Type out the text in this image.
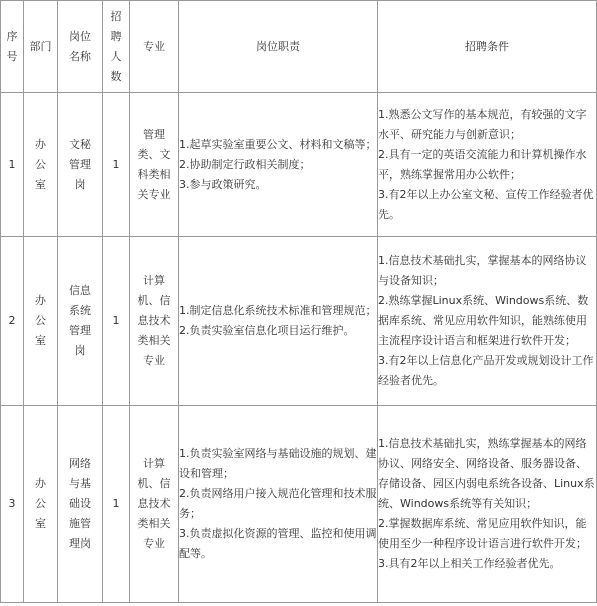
序号	部门	岗位名称	招聘人数	专业	岗位职责	招聘条件
1	办公室	文秘管理岗	1	管理类、文科类相关专业	1.起草实验室重要公文、材料和文稿等；
2.协助制定行政相关制度；
3.参与政策研究。	1.熟悉公文写作的基本规范，有较强的文字水平、研究能力与创新意识；
2.具有一定的英语交流能力和计算机操作水平，熟练掌握常用办公软件；
3.有2年以上办公室文秘、宣传工作经验者优先。

2	办公室	信息系统管理岗	1	计算机、信息技术类相关专业	1.制定信息化系统技术标准和管理规范；
2.负责实验室信息化项目运行维护。	1.信息技术基础扎实，掌握基本的网络协议与设备知识；
2.熟练掌握Linux系统、Windows系统、数据库系统、常见应用软件知识，能熟练使用主流程序设计语言和框架进行软件开发；
3.有2年以上信息化产品开发或规划设计工作经验者优先。

3	办公室	网络与基础设施管理岗	1	计算机、信息技术类相关专业	1.负责实验室网络与基础设施的规划、建设和管理；
2.负责网络用户接入规范化管理和技术服务；
3.负责虚拟化资源的管理、监控和使用调配等。	1.信息技术基础扎实，熟练掌握基本的网络协议、网络安全、网络设备、服务器设备、存储设备、园区内弱电系统各设备、Linux系统、Windows系统等有关知识；
2.掌握数据库系统、常见应用软件知识，能使用至少一种程序设计语言进行软件开发；
3.具有2年以上相关工作经验者优先。
